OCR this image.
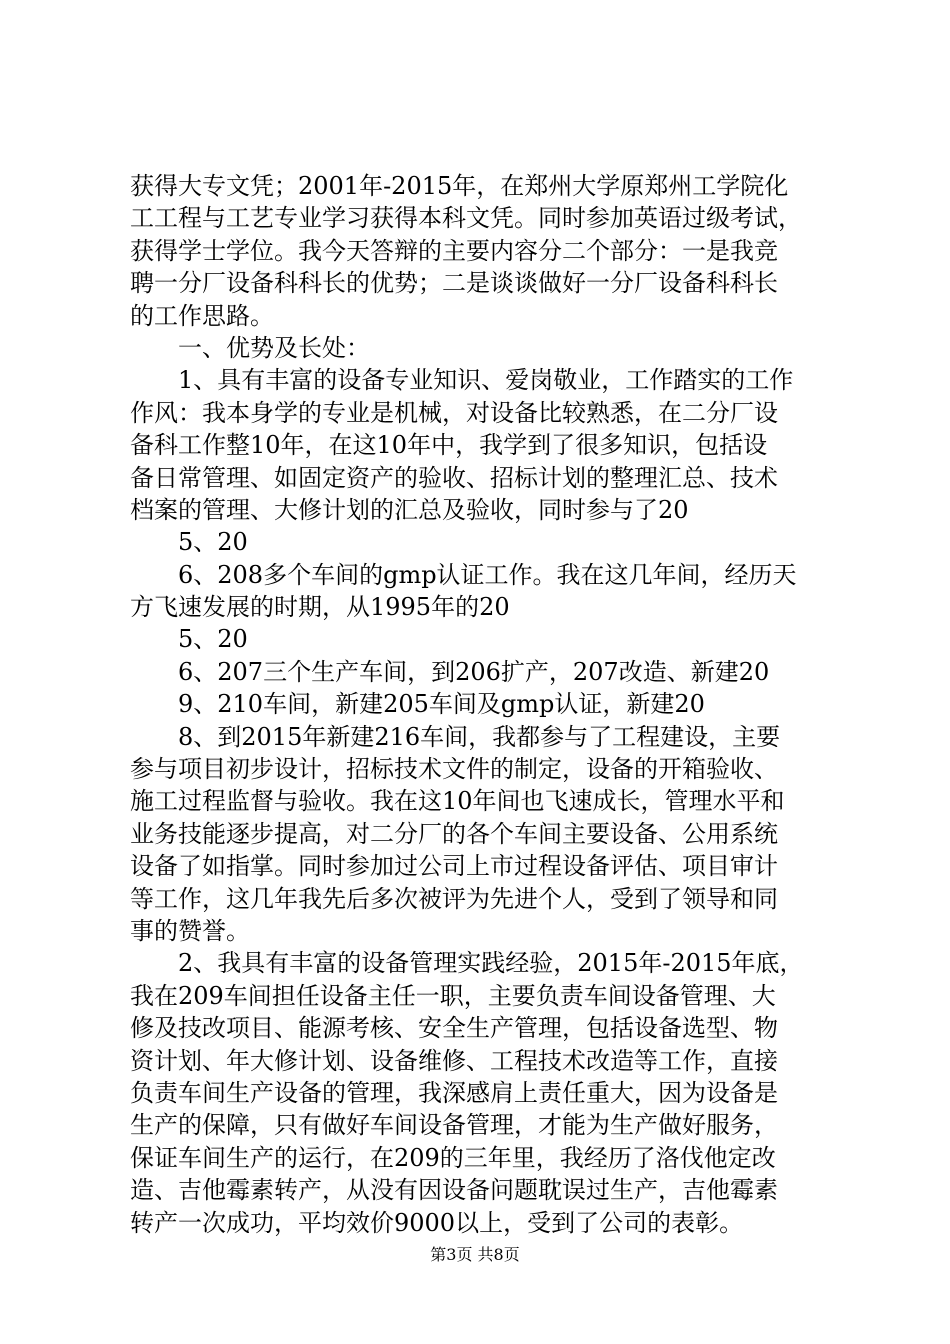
获得大专文凭；2001年-2015年，在郑州大学原郑州工学院化
工工程与工艺专业学习获得本科文凭。同时参加英语过级考试，
获得学士学位。我今天答辩的主要内容分二个部分：一是我竞
聘一分厂设备科科长的优势；二是谈谈做好一分厂设备科科长
的工作思路。
一、优势及长处：
1、具有丰富的设备专业知识、爱岗敬业，工作踏实的工作
作风：我本身学的专业是机械，对设备比较熟悉，在二分厂设
备科工作整10年，在这10年中，我学到了很多知识，包括设
备日常管理、如固定资产的验收、招标计划的整理汇总、技术
档案的管理、大修计划的汇总及验收，同时参与了20
5、20
6、208多个车间的gmp认证工作。我在这几年间，经历天
方飞速发展的时期，从1995年的20
5、20
6、207三个生产车间，到206扩产，207改造、新建20
9、210车间，新建205车间及gmp认证，新建20
8、到2015年新建216车间，我都参与了工程建设，主要
参与项目初步设计，招标技术文件的制定，设备的开箱验收、
施工过程监督与验收。我在这10年间也飞速成长，管理水平和
业务技能逐步提高，对二分厂的各个车间主要设备、公用系统
设备了如指掌。同时参加过公司上市过程设备评估、项目审计
等工作，这几年我先后多次被评为先进个人，受到了领导和同
事的赞誉。
2、我具有丰富的设备管理实践经验，2015年-2015年底，
我在209车间担任设备主任一职，主要负责车间设备管理、大
修及技改项目、能源考核、安全生产管理，包括设备选型、物
资计划、年大修计划、设备维修、工程技术改造等工作，直接
负责车间生产设备的管理，我深感肩上责任重大，因为设备是
生产的保障，只有做好车间设备管理，才能为生产做好服务，
保证车间生产的运行，在209的三年里，我经历了洛伐他定改
造、吉他霉素转产，从没有因设备问题耽误过生产，吉他霉素
转产一次成功，平均效价9000以上，受到了公司的表彰。
第3页 共8页
